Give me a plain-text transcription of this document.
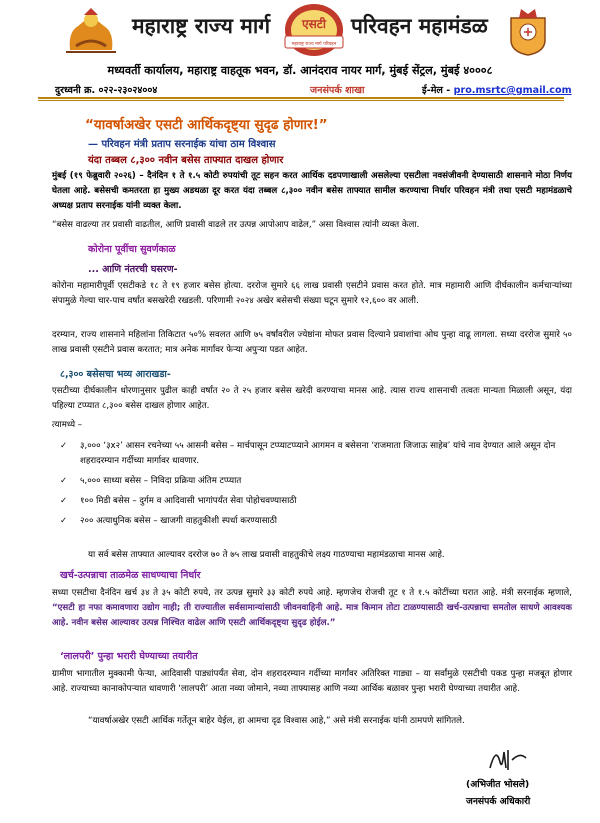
महाराष्ट्र राज्य मार्ग	एसटी
महाराष्ट्र राज्य मार्ग परिवहन
परिवहन महामंडळ
मध्यवर्ती कार्यालय, महाराष्ट्र वाहतूक भवन, डॉ. आनंदराव नायर मार्ग, मुंबई सेंट्रल, मुंबई ४०००८
दुरध्वनी क्र. ०२२-२३०२४००४	जनसंपर्क शाखा	ई-मेल - pro.msrtc@gmail.com
“यावर्षाअखेर एसटी आर्थिकदृष्ट्या सुदृढ होणार!”
— परिवहन मंत्री प्रताप सरनाईक यांचा ठाम विश्वास
यंदा तब्बल ८,३०० नवीन बसेस ताफ्यात दाखल होणार

मुंबई (१९ फेब्रुवारी २०२६) – दैनंदिन १ ते १.५ कोटी रुपयांची तूट सहन करत आर्थिक दडपणाखाली असलेल्या एसटीला नवसंजीवनी देण्यासाठी शासनाने मोठा निर्णय घेतला आहे. बसेसची कमतरता हा मुख्य अडथळा दूर करत यंदा तब्बल ८,३०० नवीन बसेस ताफ्यात सामील करण्याचा निर्धार परिवहन मंत्री तथा एसटी महामंडळाचे अध्यक्ष प्रताप सरनाईक यांनी व्यक्त केला.

“बसेस वाढल्या तर प्रवासी वाढतील, आणि प्रवासी वाढले तर उत्पन्न आपोआप वाढेल,” असा विश्वास त्यांनी व्यक्त केला.

कोरोना पूर्वीचा सुवर्णकाळ
... आणि नंतरची घसरण-

कोरोना महामारीपूर्वी एसटीकडे १८ ते १९ हजार बसेस होत्या. दररोज सुमारे ६६ लाख प्रवासी एसटीने प्रवास करत होते. मात्र महामारी आणि दीर्घकालीन कर्मचाऱ्यांच्या संपामुळे गेल्या चार-पाच वर्षांत बसखरेदी रखडली. परिणामी २०२४ अखेर बसेसची संख्या घटून सुमारे १२,६०० वर आली.

दरम्यान, राज्य शासनाने महिलांना तिकिटात ५०% सवलत आणि ७५ वर्षांवरील ज्येष्ठांना मोफत प्रवास दिल्याने प्रवाशांचा ओघ पुन्हा वाढू लागला. सध्या दररोज सुमारे ५० लाख प्रवासी एसटीने प्रवास करतात; मात्र अनेक मार्गांवर फेऱ्या अपुऱ्या पडत आहेत.

८,३०० बसेसचा भव्य आराखडा-

एसटीच्या दीर्घकालीन धोरणानुसार पुढील काही वर्षांत २० ते २५ हजार बसेस खरेदी करण्याचा मानस आहे. त्यास राज्य शासनाची तत्वतः मान्यता मिळाली असून, यंदा पहिल्या टप्प्यात ८,३०० बसेस दाखल होणार आहेत.

त्यामध्ये –

✓ ३,००० ‘३x२’ आसन रचनेच्या ५५ आसनी बसेस – मार्चपासून टप्प्याटप्प्याने आगमन व बसेसना ‘राजमाता जिजाऊ साहेब’ यांचे नाव देण्यात आले असून दोन शहरादरम्यान गर्दीच्या मार्गावर धावणार.
✓ ५,००० साध्या बसेस – निविदा प्रक्रिया अंतिम टप्प्यात
✓ १०० मिडी बसेस – दुर्गम व आदिवासी भागांपर्यंत सेवा पोहोचवण्यासाठी
✓ २०० अत्याधुनिक बसेस – खाजगी वाहतुकीशी स्पर्धा करण्यासाठी

या सर्व बसेस ताफ्यात आल्यावर दररोज ७० ते ७५ लाख प्रवासी वाहतुकीचे लक्ष्य गाठण्याचा महामंडळाचा मानस आहे.

खर्च-उत्पन्नाचा ताळमेळ साधण्याचा निर्धार

सध्या एसटीचा दैनंदिन खर्च ३४ ते ३५ कोटी रुपये, तर उत्पन्न सुमारे ३३ कोटी रुपये आहे. म्हणजेच रोजची तूट १ ते १.५ कोटींच्या घरात आहे. मंत्री सरनाईक म्हणाले, “एसटी हा नफा कमावणारा उद्योग नाही; ती राज्यातील सर्वसामान्यांसाठी जीवनवाहिनी आहे. मात्र किमान तोटा टाळण्यासाठी खर्च-उत्पन्नाचा समतोल साधणे आवश्यक आहे. नवीन बसेस आल्यावर उत्पन्न निश्चित वाढेल आणि एसटी आर्थिकदृष्ट्या सुदृढ होईल.”

‘लालपरी’ पुन्हा भरारी घेण्याच्या तयारीत

ग्रामीण भागातील मुक्कामी फेऱ्या, आदिवासी पाड्यांपर्यंत सेवा, दोन शहरादरम्यान गर्दीच्या मार्गांवर अतिरिक्त गाड्या – या सर्वांमुळे एसटीची पकड पुन्हा मजबूत होणार आहे. राज्याच्या कानाकोपऱ्यात धावणारी ‘लालपरी’ आता नव्या जोमाने, नव्या ताफ्यासह आणि नव्या आर्थिक बळावर पुन्हा भरारी घेण्याच्या तयारीत आहे.

“यावर्षाअखेर एसटी आर्थिक गर्तेतून बाहेर येईल, हा आमचा दृढ विश्वास आहे,” असे मंत्री सरनाईक यांनी ठामपणे सांगितले.

(अभिजीत भोसले)
जनसंपर्क अधिकारी
